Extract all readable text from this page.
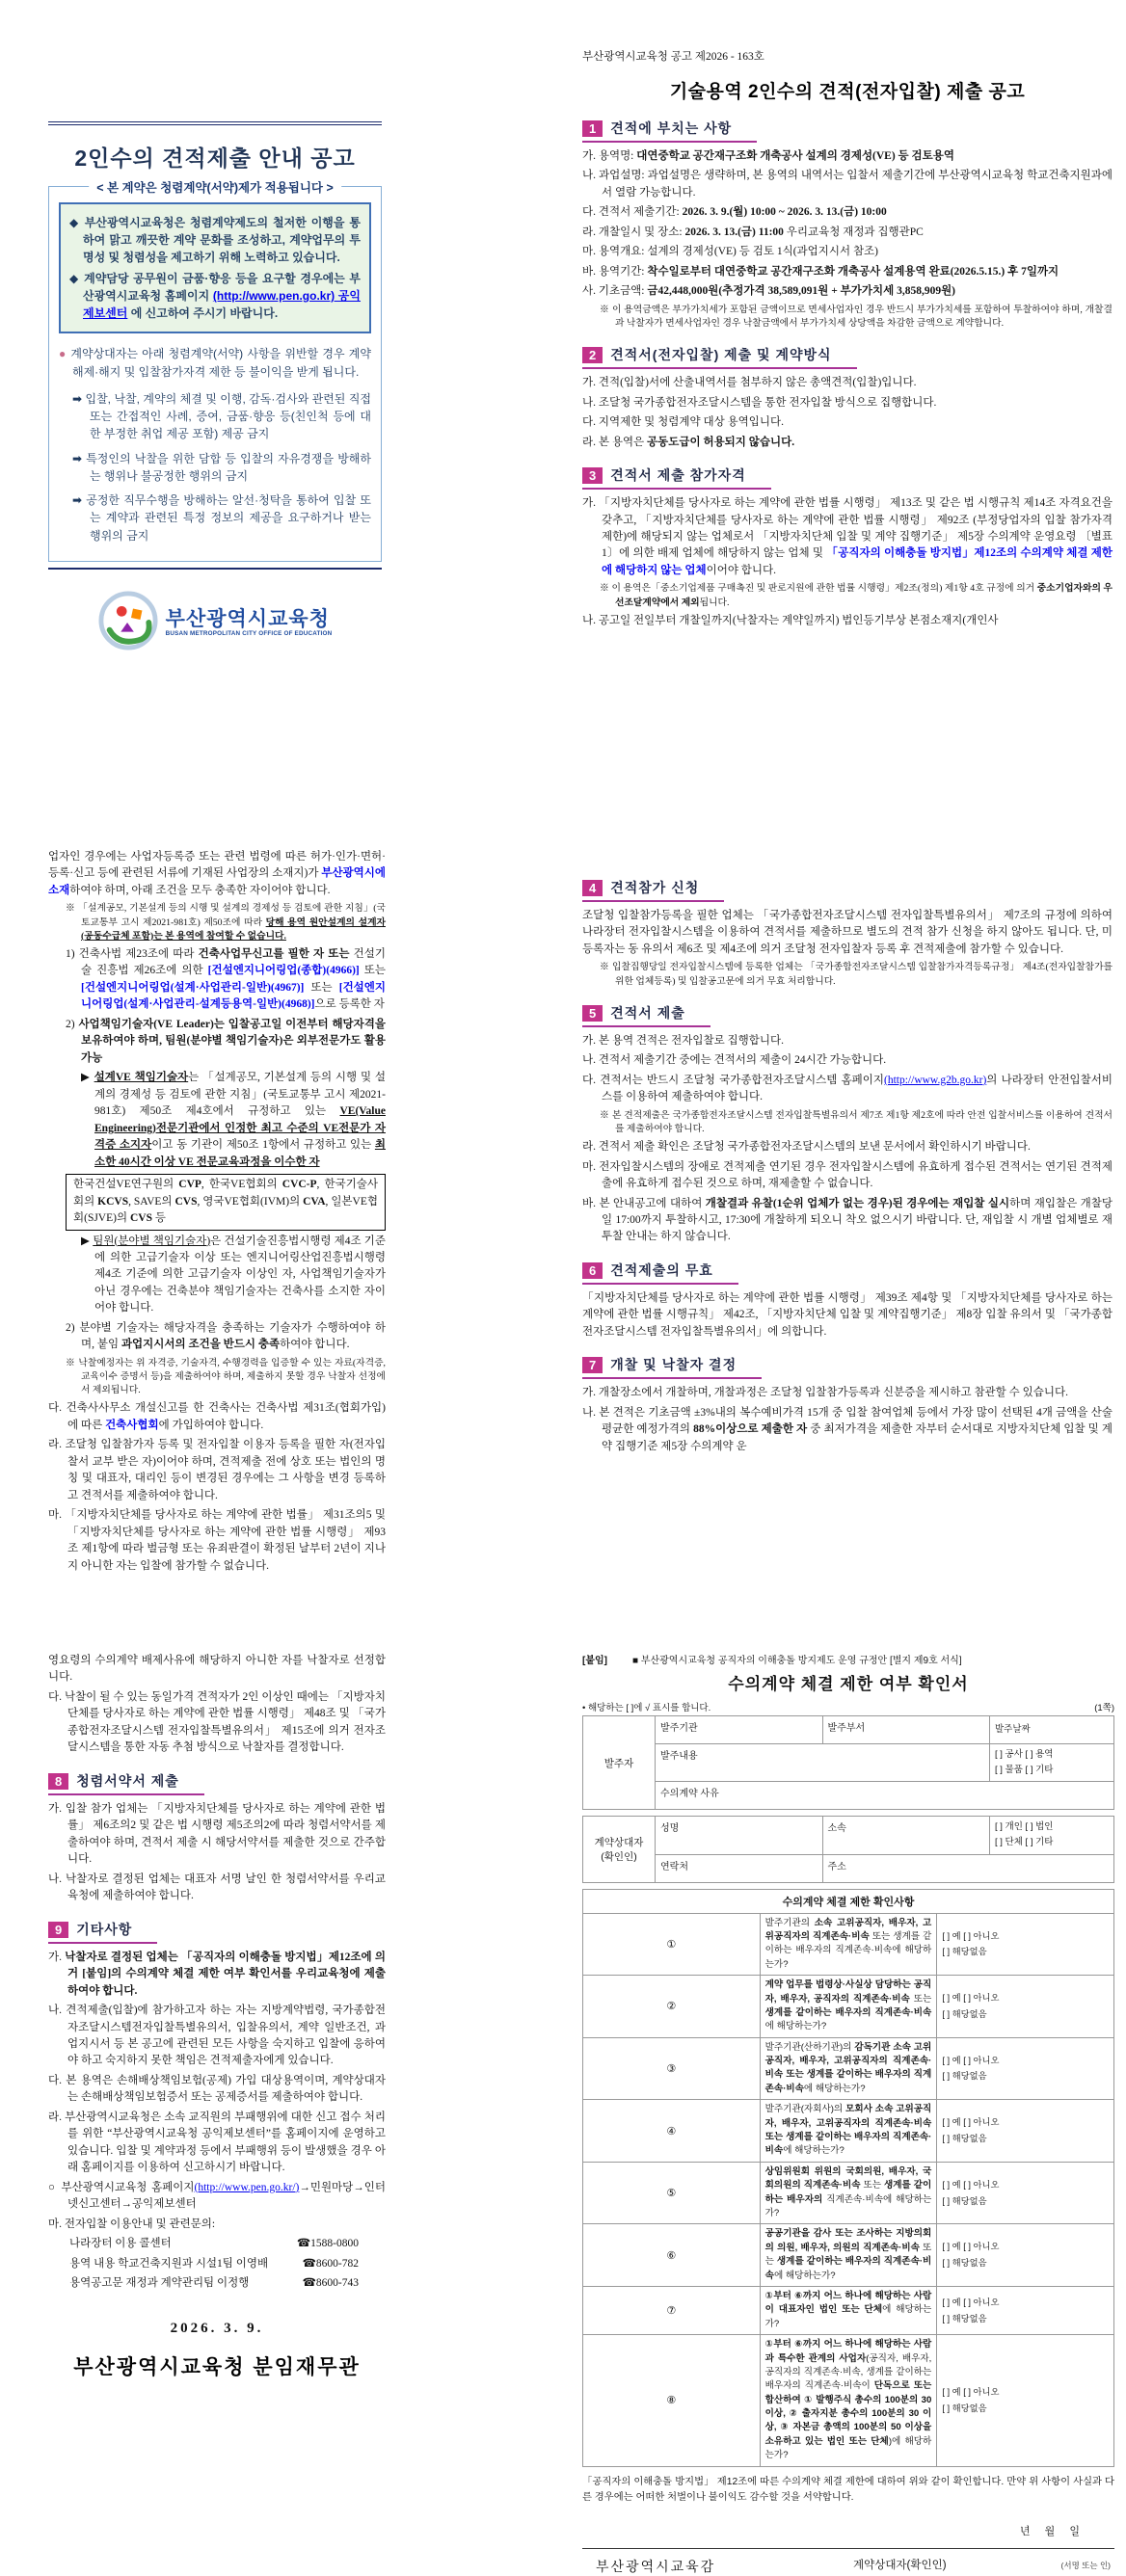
2인수의 견적제출 안내 공고
< 본 계약은 청렴계약(서약)제가 적용됩니다 >
◆ 부산광역시교육청은 청렴계약제도의 철저한 이행을 통하여 맑고 깨끗한 계약 문화를 조성하고, 계약업무의 투명성 및 청렴성을 제고하기 위해 노력하고 있습니다.
◆ 계약담당 공무원이 금품·향응 등을 요구할 경우에는 부산광역시교육청 홈페이지 (http://www.pen.go.kr) 공익제보센터 에 신고하여 주시기 바랍니다.
● 계약상대자는 아래 청렴계약(서약) 사항을 위반할 경우 계약 해제·해지 및 입찰참가자격 제한 등 불이익을 받게 됩니다.
➡ 입찰, 낙찰, 계약의 체결 및 이행, 감독·검사와 관련된 직접 또는 간접적인 사례, 증여, 금품·향응 등(친인척 등에 대한 부정한 취업 제공 포함) 제공 금지
➡ 특정인의 낙찰을 위한 담합 등 입찰의 자유경쟁을 방해하는 행위나 불공정한 행위의 금지
➡ 공정한 직무수행을 방해하는 알선·청탁을 통하여 입찰 또는 계약과 관련된 특정 정보의 제공을 요구하거나 받는 행위의 금지
부산광역시교육청
BUSAN METROPOLITAN CITY OFFICE OF EDUCATION
업자인 경우에는 사업자등록증 또는 관련 법령에 따른 허가·인가·면허·등록·신고 등에 관련된 서류에 기재된 사업장의 소재지)가 부산광역시에 소재하여야 하며, 아래 조건을 모두 충족한 자이어야 합니다.
※ 「설계공모, 기본설계 등의 시행 및 설계의 경제성 등 검토에 관한 지침」(국토교통부 고시 제2021-981호) 제50조에 따라 당해 용역 원안설계의 설계자(공동수급체 포함)는 본 용역에 참여할 수 없습니다.
1) 건축사법 제23조에 따라 건축사업무신고를 필한 자 또는 건설기술 진흥법 제26조에 의한 [건설엔지니어링업(종합)(4966)] 또는 [건설엔지니어링업(설계·사업관리-일반)(4967)] 또는 [건설엔지니어링업(설계·사업관리-설계등용역-일반)(4968)]으로 등록한 자
2) 사업책임기술자(VE Leader)는 입찰공고일 이전부터 해당자격을 보유하여야 하며, 팀원(분야별 책임기술자)은 외부전문가도 활용 가능
▶ 설계VE 책임기술자는 「설계공모, 기본설계 등의 시행 및 설계의 경제성 등 검토에 관한 지침」(국토교통부 고시 제2021-981호) 제50조 제4호에서 규정하고 있는 VE(Value Engineering)전문기관에서 인정한 최고 수준의 VE전문가 자격증 소지자이고 동 기관이 제50조 1항에서 규정하고 있는 최소한 40시간 이상 VE 전문교육과정을 이수한 자
한국건설VE연구원의 CVP, 한국VE협회의 CVC-P, 한국기술사회의 KCVS, SAVE의 CVS, 영국VE협회(IVM)의 CVA, 일본VE협회(SJVE)의 CVS 등
▶ 팀원(분야별 책임기술자)은 건설기술진흥법시행령 제4조 기준에 의한 고급기술자 이상 또는 엔지니어링산업진흥법시행령 제4조 기준에 의한 고급기술자 이상인 자, 사업책임기술자가 아닌 경우에는 건축분야 책임기술자는 건축사를 소지한 자이어야 합니다.
2) 분야별 기술자는 해당자격을 충족하는 기술자가 수행하여야 하며, 붙임 과업지시서의 조건을 반드시 충족하여야 합니다.
※ 낙찰예정자는 위 자격증, 기술자격, 수행경력을 입증할 수 있는 자료(자격증, 교육이수 증명서 등)을 제출하여야 하며, 제출하지 못할 경우 낙찰자 선정에서 제외됩니다.
다. 건축사사무소 개설신고를 한 건축사는 건축사법 제31조(협회가입)에 따른 건축사협회에 가입하여야 합니다.
라. 조달청 입찰참가자 등록 및 전자입찰 이용자 등록을 필한 자(전자입찰서 교부 받은 자)이어야 하며, 견적제출 전에 상호 또는 법인의 명칭 및 대표자, 대리인 등이 변경된 경우에는 그 사항을 변경 등록하고 견적서를 제출하여야 합니다.
마. 「지방자치단체를 당사자로 하는 계약에 관한 법률」 제31조의5 및 「지방자치단체를 당사자로 하는 계약에 관한 법률 시행령」 제93조 제1항에 따라 벌금형 또는 유죄판결이 확정된 날부터 2년이 지나지 아니한 자는 입찰에 참가할 수 없습니다.
영요령의 수의계약 배제사유에 해당하지 아니한 자를 낙찰자로 선정합니다.
다. 낙찰이 될 수 있는 동일가격 견적자가 2인 이상인 때에는 「지방자치단체를 당사자로 하는 계약에 관한 법률 시행령」 제48조 및 「국가종합전자조달시스템 전자입찰특별유의서」 제15조에 의거 전자조달시스템을 통한 자동 추첨 방식으로 낙찰자를 결정합니다.
8 청렴서약서 제출
가. 입찰 참가 업체는 「지방자치단체를 당사자로 하는 계약에 관한 법률」 제6조의2 및 같은 법 시행령 제5조의2에 따라 청렴서약서를 제출하여야 하며, 견적서 제출 시 해당서약서를 제출한 것으로 간주합니다.
나. 낙찰자로 결정된 업체는 대표자 서명 날인 한 청렴서약서를 우리교육청에 제출하여야 합니다.
9 기타사항
가. 낙찰자로 결정된 업체는 「공직자의 이해충돌 방지법」제12조에 의거 [붙임]의 수의계약 체결 제한 여부 확인서를 우리교육청에 제출하여야 합니다.
나. 견적제출(입찰)에 참가하고자 하는 자는 지방계약법령, 국가종합전자조달시스템전자입찰특별유의서, 입찰유의서, 계약 일반조건, 과업지시서 등 본 공고에 관련된 모든 사항을 숙지하고 입찰에 응하여야 하고 숙지하지 못한 책임은 견적제출자에게 있습니다.
다. 본 용역은 손해배상책임보험(공제) 가입 대상용역이며, 계약상대자는 손해배상책임보험증서 또는 공제증서를 제출하여야 합니다.
라. 부산광역시교육청은 소속 교직원의 부패행위에 대한 신고 접수 처리를 위한 “부산광역시교육청 공익제보센터”를 홈페이지에 운영하고 있습니다. 입찰 및 계약과정 등에서 부패행위 등이 발생했을 경우 아래 홈페이지를 이용하여 신고하시기 바랍니다.
○ 부산광역시교육청 홈페이지(http://www.pen.go.kr/)→민원마당→인터넷신고센터→공익제보센터
마. 전자입찰 이용안내 및 관련문의:
나라장터 이용 콜센터	☎1588-0800
용역 내용 학교건축지원과 시설1팀 이영배	☎8600-782
용역공고문 재정과 계약관리팀 이정행	☎8600-743
2026. 3. 9.
부산광역시교육청 분임재무관
부산광역시교육청 공고 제2026 - 163호
기술용역 2인수의 견적(전자입찰) 제출 공고
1 견적에 부치는 사항
가. 용역명: 대연중학교 공간재구조화 개축공사 설계의 경제성(VE) 등 검토용역
나. 과업설명: 과업설명은 생략하며, 본 용역의 내역서는 입찰서 제출기간에 부산광역시교육청 학교건축지원과에서 열람 가능합니다.
다. 견적서 제출기간: 2026. 3. 9.(월) 10:00 ~ 2026. 3. 13.(금) 10:00
라. 개찰일시 및 장소: 2026. 3. 13.(금) 11:00 우리교육청 재정과 집행관PC
마. 용역개요: 설계의 경제성(VE) 등 검토 1식(과업지시서 참조)
바. 용역기간: 착수일로부터 대연중학교 공간재구조화 개축공사 설계용역 완료(2026.5.15.) 후 7일까지
사. 기초금액: 금42,448,000원(추정가격 38,589,091원 + 부가가치세 3,858,909원)
※ 이 용역금액은 부가가치세가 포함된 금액이므로 면세사업자인 경우 반드시 부가가치세를 포함하여 투찰하여야 하며, 개찰결과 낙찰자가 면세사업자인 경우 낙찰금액에서 부가가치세 상당액을 차감한 금액으로 계약합니다.
2 견적서(전자입찰) 제출 및 계약방식
가. 견적(입찰)서에 산출내역서를 첨부하지 않은 총액견적(입찰)입니다.
나. 조달청 국가종합전자조달시스템을 통한 전자입찰 방식으로 집행합니다.
다. 지역제한 및 청렴계약 대상 용역입니다.
라. 본 용역은 공동도급이 허용되지 않습니다.
3 견적서 제출 참가자격
가. 「지방자치단체를 당사자로 하는 계약에 관한 법률 시행령」 제13조 및 같은 법 시행규칙 제14조 자격요건을 갖추고, 「지방자치단체를 당사자로 하는 계약에 관한 법률 시행령」 제92조 (부정당업자의 입찰 참가자격 제한)에 해당되지 않는 업체로서 「지방자치단체 입찰 및 계약 집행기준」 제5장 수의계약 운영요령 〔별표1〕에 의한 배제 업체에 해당하지 않는 업체 및 「공직자의 이해충돌 방지법」제12조의 수의계약 체결 제한에 해당하지 않는 업체이어야 합니다.
※ 이 용역은「중소기업제품 구매촉진 및 판로지원에 관한 법률 시행령」제2조(정의) 제1항 4호 규정에 의거 중소기업자와의 우선조달계약에서 제외됩니다.
나. 공고일 전일부터 개찰일까지(낙찰자는 계약일까지) 법인등기부상 본점소재지(개인사
4 견적참가 신청
조달청 입찰참가등록을 필한 업체는 「국가종합전자조달시스템 전자입찰특별유의서」 제7조의 규정에 의하여 나라장터 전자입찰시스템을 이용하여 견적서를 제출하므로 별도의 견적 참가 신청을 하지 않아도 됩니다. 단, 미등록자는 동 유의서 제6조 및 제4조에 의거 조달청 전자입찰자 등록 후 견적제출에 참가할 수 있습니다.
※ 입찰집행당일 전자입찰시스템에 등록한 업체는 「국가종합전자조달시스템 입찰참가자격등록규정」 제4조(전자입찰참가를 위한 업체등록) 및 입찰공고문에 의거 무효 처리합니다.
5 견적서 제출
가. 본 용역 견적은 전자입찰로 집행합니다.
나. 견적서 제출기간 중에는 견적서의 제출이 24시간 가능합니다.
다. 견적서는 반드시 조달청 국가종합전자조달시스템 홈페이지(http://www.g2b.go.kr)의 나라장터 안전입찰서비스를 이용하여 제출하여야 합니다.
※ 본 견적제출은 국가종합전자조달시스템 전자입찰특별유의서 제7조 제1항 제2호에 따라 안전 입찰서비스를 이용하여 견적서를 제출하여야 합니다.
라. 견적서 제출 확인은 조달청 국가종합전자조달시스템의 보낸 문서에서 확인하시기 바랍니다.
마. 전자입찰시스템의 장애로 견적제출 연기된 경우 전자입찰시스템에 유효하게 접수된 견적서는 연기된 견적제출에 유효하게 접수된 것으로 하며, 재제출할 수 없습니다.
바. 본 안내공고에 대하여 개찰결과 유찰(1순위 업체가 없는 경우)된 경우에는 재입찰 실시하며 재입찰은 개찰당일 17:00까지 투찰하시고, 17:30에 개찰하게 되오니 착오 없으시기 바랍니다. 단, 재입찰 시 개별 업체별로 재투찰 안내는 하지 않습니다.
6 견적제출의 무효
「지방자치단체를 당사자로 하는 계약에 관한 법률 시행령」 제39조 제4항 및 「지방자치단체를 당사자로 하는 계약에 관한 법률 시행규칙」 제42조, 「지방자치단체 입찰 및 계약집행기준」 제8장 입찰 유의서 및 「국가종합전자조달시스템 전자입찰특별유의서」에 의합니다.
7 개찰 및 낙찰자 결정
가. 개찰장소에서 개찰하며, 개찰과정은 조달청 입찰참가등록과 신분증을 제시하고 참관할 수 있습니다.
나. 본 견적은 기초금액 ±3%내의 복수예비가격 15개 중 입찰 참여업체 등에서 가장 많이 선택된 4개 금액을 산술 평균한 예정가격의 88%이상으로 제출한 자 중 최저가격을 제출한 자부터 순서대로 지방자치단체 입찰 및 계약 집행기준 제5장 수의계약 운
[붙임]	■ 부산광역시교육청 공직자의 이해충돌 방지제도 운영 규정안 [별지 제9호 서식]
수의계약 체결 제한 여부 확인서
• 해당하는 [ ]에 √ 표시를 합니다.	(1쪽)
발주자	발주기관	발주부서	발주날짜
	발주내용		[ ] 공사 [ ] 용역
[ ] 물품 [ ] 기타

	수의계약 사유		
계약상대자
(확인인)
	성명	소속	[ ] 개인 [ ] 법인
[ ] 단체 [ ] 기타

	연락처	주소	
수의계약 체결 제한 확인사항		
①	발주기관의 소속 고위공직자, 배우자, 고위공직자의 직계존속·비속 또는 생계를 같이하는 배우자의 직계존속·비속에 해당하는가?	[ ] 예 [ ] 아니오
[ ] 해당없음

②	계약 업무를 법령상·사실상 담당하는 공직자, 배우자, 공직자의 직계존속·비속 또는 생계를 같이하는 배우자의 직계존속·비속에 해당하는가?	[ ] 예 [ ] 아니오
[ ] 해당없음

③	발주기관(산하기관)의 감독기관 소속 고위공직자, 배우자, 고위공직자의 직계존속·비속 또는 생계를 같이하는 배우자의 직계존속·비속에 해당하는가?	[ ] 예 [ ] 아니오
[ ] 해당없음

④	발주기관(자회사)의 모회사 소속 고위공직자, 배우자, 고위공직자의 직계존속·비속 또는 생계를 같이하는 배우자의 직계존속·비속에 해당하는가?	[ ] 예 [ ] 아니오
[ ] 해당없음

⑤	상임위원회 위원의 국회의원, 배우자, 국회의원의 직계존속·비속 또는 생계를 같이하는 배우자의 직계존속·비속에 해당하는가?	[ ] 예 [ ] 아니오
[ ] 해당없음

⑥	공공기관을 감사 또는 조사하는 지방의회의 의원, 배우자, 의원의 직계존속·비속 또는 생계를 같이하는 배우자의 직계존속·비속에 해당하는가?	[ ] 예 [ ] 아니오
[ ] 해당없음

⑦	①부터 ⑥까지 어느 하나에 해당하는 사람이 대표자인 법인 또는 단체에 해당하는가?	[ ] 예 [ ] 아니오
[ ] 해당없음

⑧	①부터 ⑥까지 어느 하나에 해당하는 사람과 특수한 관계의 사업자(공직자, 배우자, 공직자의 직계존속·비속, 생계를 같이하는 배우자의 직계존속·비속이 단독으로 또는 합산하여 ① 발행주식 총수의 100분의 30 이상, ② 출자지분 총수의 100분의 30 이상, ③ 자본금 총액의 100분의 50 이상을 소유하고 있는 법인 또는 단체)에 해당하는가?	[ ] 예 [ ] 아니오
[ ] 해당없음
「공직자의 이해충돌 방지법」 제12조에 따른 수의계약 체결 제한에 대하여 위와 같이 확인합니다. 만약 위 사항이 사실과 다른 경우에는 어떠한 처벌이나 불이익도 감수할 것을 서약합니다.
년 월 일
부산광역시교육감	계약상대자(확인인)	(서명 또는 인)
